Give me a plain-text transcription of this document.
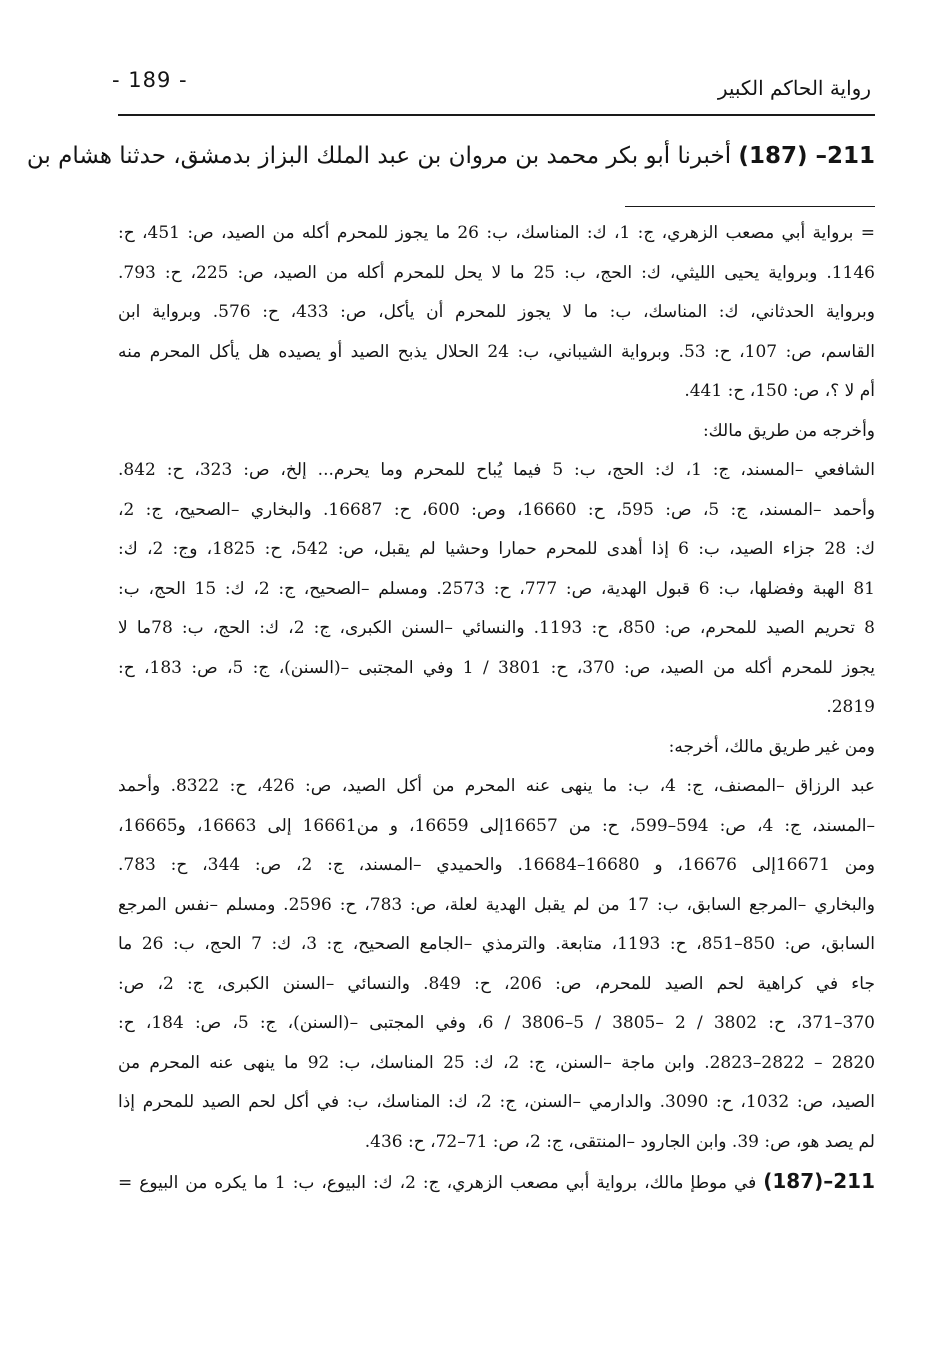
- 189 -	رواية الحاكم الكبير
211– (187) أخبرنا أبو بكر محمد بن مروان بن عبد الملك البزاز بدمشق، حدثنا هشام بن
= برواية أبي مصعب الزهري، ج: 1، ك: المناسك، ب: 26 ما يجوز للمحرم أكله من الصيد، ص: 451، ح:
1146. وبرواية يحيى الليثي، ك: الحج، ب: 25 ما لا يحل للمحرم أكله من الصيد، ص: 225، ح: 793.
وبرواية الحدثاني، ك: المناسك، ب: ما لا يجوز للمحرم أن يأكل، ص: 433، ح: 576. وبرواية ابن
القاسم، ص: 107، ح: 53. وبرواية الشيباني، ب: 24 الحلال يذبح الصيد أو يصيده هل يأكل المحرم منه
أم لا ؟، ص: 150، ح: 441.
وأخرجه من طريق مالك:
الشافعي –المسند، ج: 1، ك: الحج، ب: 5 فيما يُباح للمحرم وما يحرم... إلخ، ص: 323، ح: 842.
وأحمد –المسند، ج: 5، ص: 595، ح: 16660، وص: 600، ح: 16687. والبخاري –الصحيح، ج: 2،
ك: 28 جزاء الصيد، ب: 6 إذا أهدى للمحرم حمارا وحشيا لم يقبل، ص: 542، ح: 1825، وج: 2، ك:
81 الهبة وفضلها، ب: 6 قبول الهدية، ص: 777، ح: 2573. ومسلم –الصحيح، ج: 2، ك: 15 الحج، ب:
8 تحريم الصيد للمحرم، ص: 850، ح: 1193. والنسائي –السنن الكبرى، ج: 2، ك: الحج، ب: 78ما لا
يجوز للمحرم أكله من الصيد، ص: 370، ح: 3801 / 1 وفي المجتبى –(السنن)، ج: 5، ص: 183، ح:
2819.
ومن غير طريق مالك، أخرجه:
عبد الرزاق –المصنف، ج: 4، ب: ما ينهى عنه المحرم من أكل الصيد، ص: 426، ح: 8322. وأحمد
–المسند، ج: 4، ص: 594–599، ح: من 16657إلى 16659، و من16661 إلى 16663، و16665،
ومن 16671إلى 16676، و 16680–16684. والحميدي –المسند، ج: 2، ص: 344، ح: 783.
والبخاري –المرجع السابق، ب: 17 من لم يقبل الهدية لعلة، ص: 783، ح: 2596. ومسلم –نفس المرجع
السابق، ص: 850–851، ح: 1193، متابعة. والترمذي –الجامع الصحيح، ج: 3، ك: 7 الحج، ب: 26 ما
جاء في كراهية لحم الصيد للمحرم، ص: 206، ح: 849. والنسائي –السنن الكبرى، ج: 2، ص:
370–371، ح: 3802 / 2 –3805 / 5–3806 / 6، وفي المجتبى –(السنن)، ج: 5، ص: 184، ح:
2820 – 2822–2823. وابن ماجة –السنن، ج: 2، ك: 25 المناسك، ب: 92 ما ينهى عنه المحرم من
الصيد، ص: 1032، ح: 3090. والدارمي –السنن، ج: 2، ك: المناسك، ب: في أكل لحم الصيد للمحرم إذا
لم يصد هو، ص: 39. وابن الجارود –المنتقى، ج: 2، ص: 71–72، ح: 436.
211–(187) في موطإ مالك، برواية أبي مصعب الزهري، ج: 2، ك: البيوع، ب: 1 ما يكره من البيوع =
